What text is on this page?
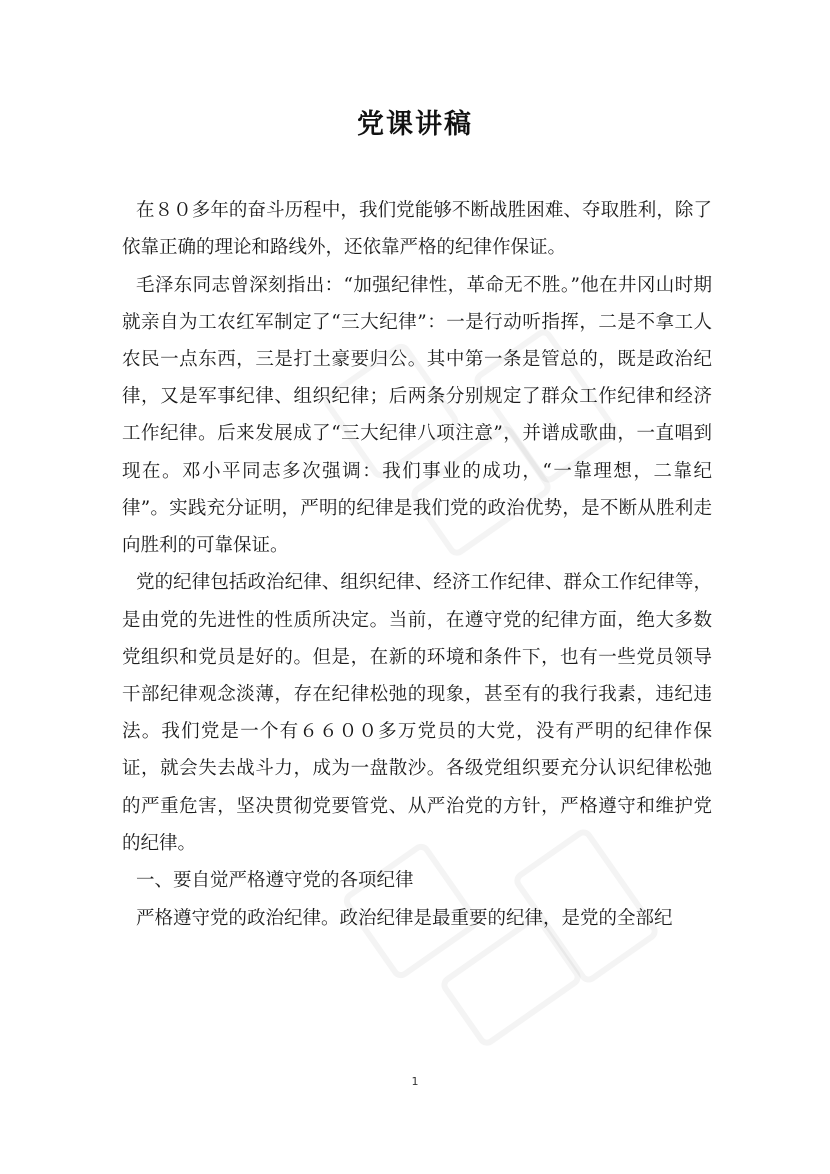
党课讲稿

在８０多年的奋斗历程中，我们党能够不断战胜困难、夺取胜利，除了依靠正确的理论和路线外，还依靠严格的纪律作保证。

毛泽东同志曾深刻指出：“加强纪律性，革命无不胜。”他在井冈山时期就亲自为工农红军制定了“三大纪律”：一是行动听指挥，二是不拿工人农民一点东西，三是打土豪要归公。其中第一条是管总的，既是政治纪律，又是军事纪律、组织纪律；后两条分别规定了群众工作纪律和经济工作纪律。后来发展成了“三大纪律八项注意”，并谱成歌曲，一直唱到现在。邓小平同志多次强调：我们事业的成功，“一靠理想，二靠纪律”。实践充分证明，严明的纪律是我们党的政治优势，是不断从胜利走向胜利的可靠保证。

党的纪律包括政治纪律、组织纪律、经济工作纪律、群众工作纪律等，是由党的先进性的性质所决定。当前，在遵守党的纪律方面，绝大多数党组织和党员是好的。但是，在新的环境和条件下，也有一些党员领导干部纪律观念淡薄，存在纪律松弛的现象，甚至有的我行我素，违纪违法。我们党是一个有６６００多万党员的大党，没有严明的纪律作保证，就会失去战斗力，成为一盘散沙。各级党组织要充分认识纪律松弛的严重危害，坚决贯彻党要管党、从严治党的方针，严格遵守和维护党的纪律。

一、要自觉严格遵守党的各项纪律

严格遵守党的政治纪律。政治纪律是最重要的纪律，是党的全部纪

1
